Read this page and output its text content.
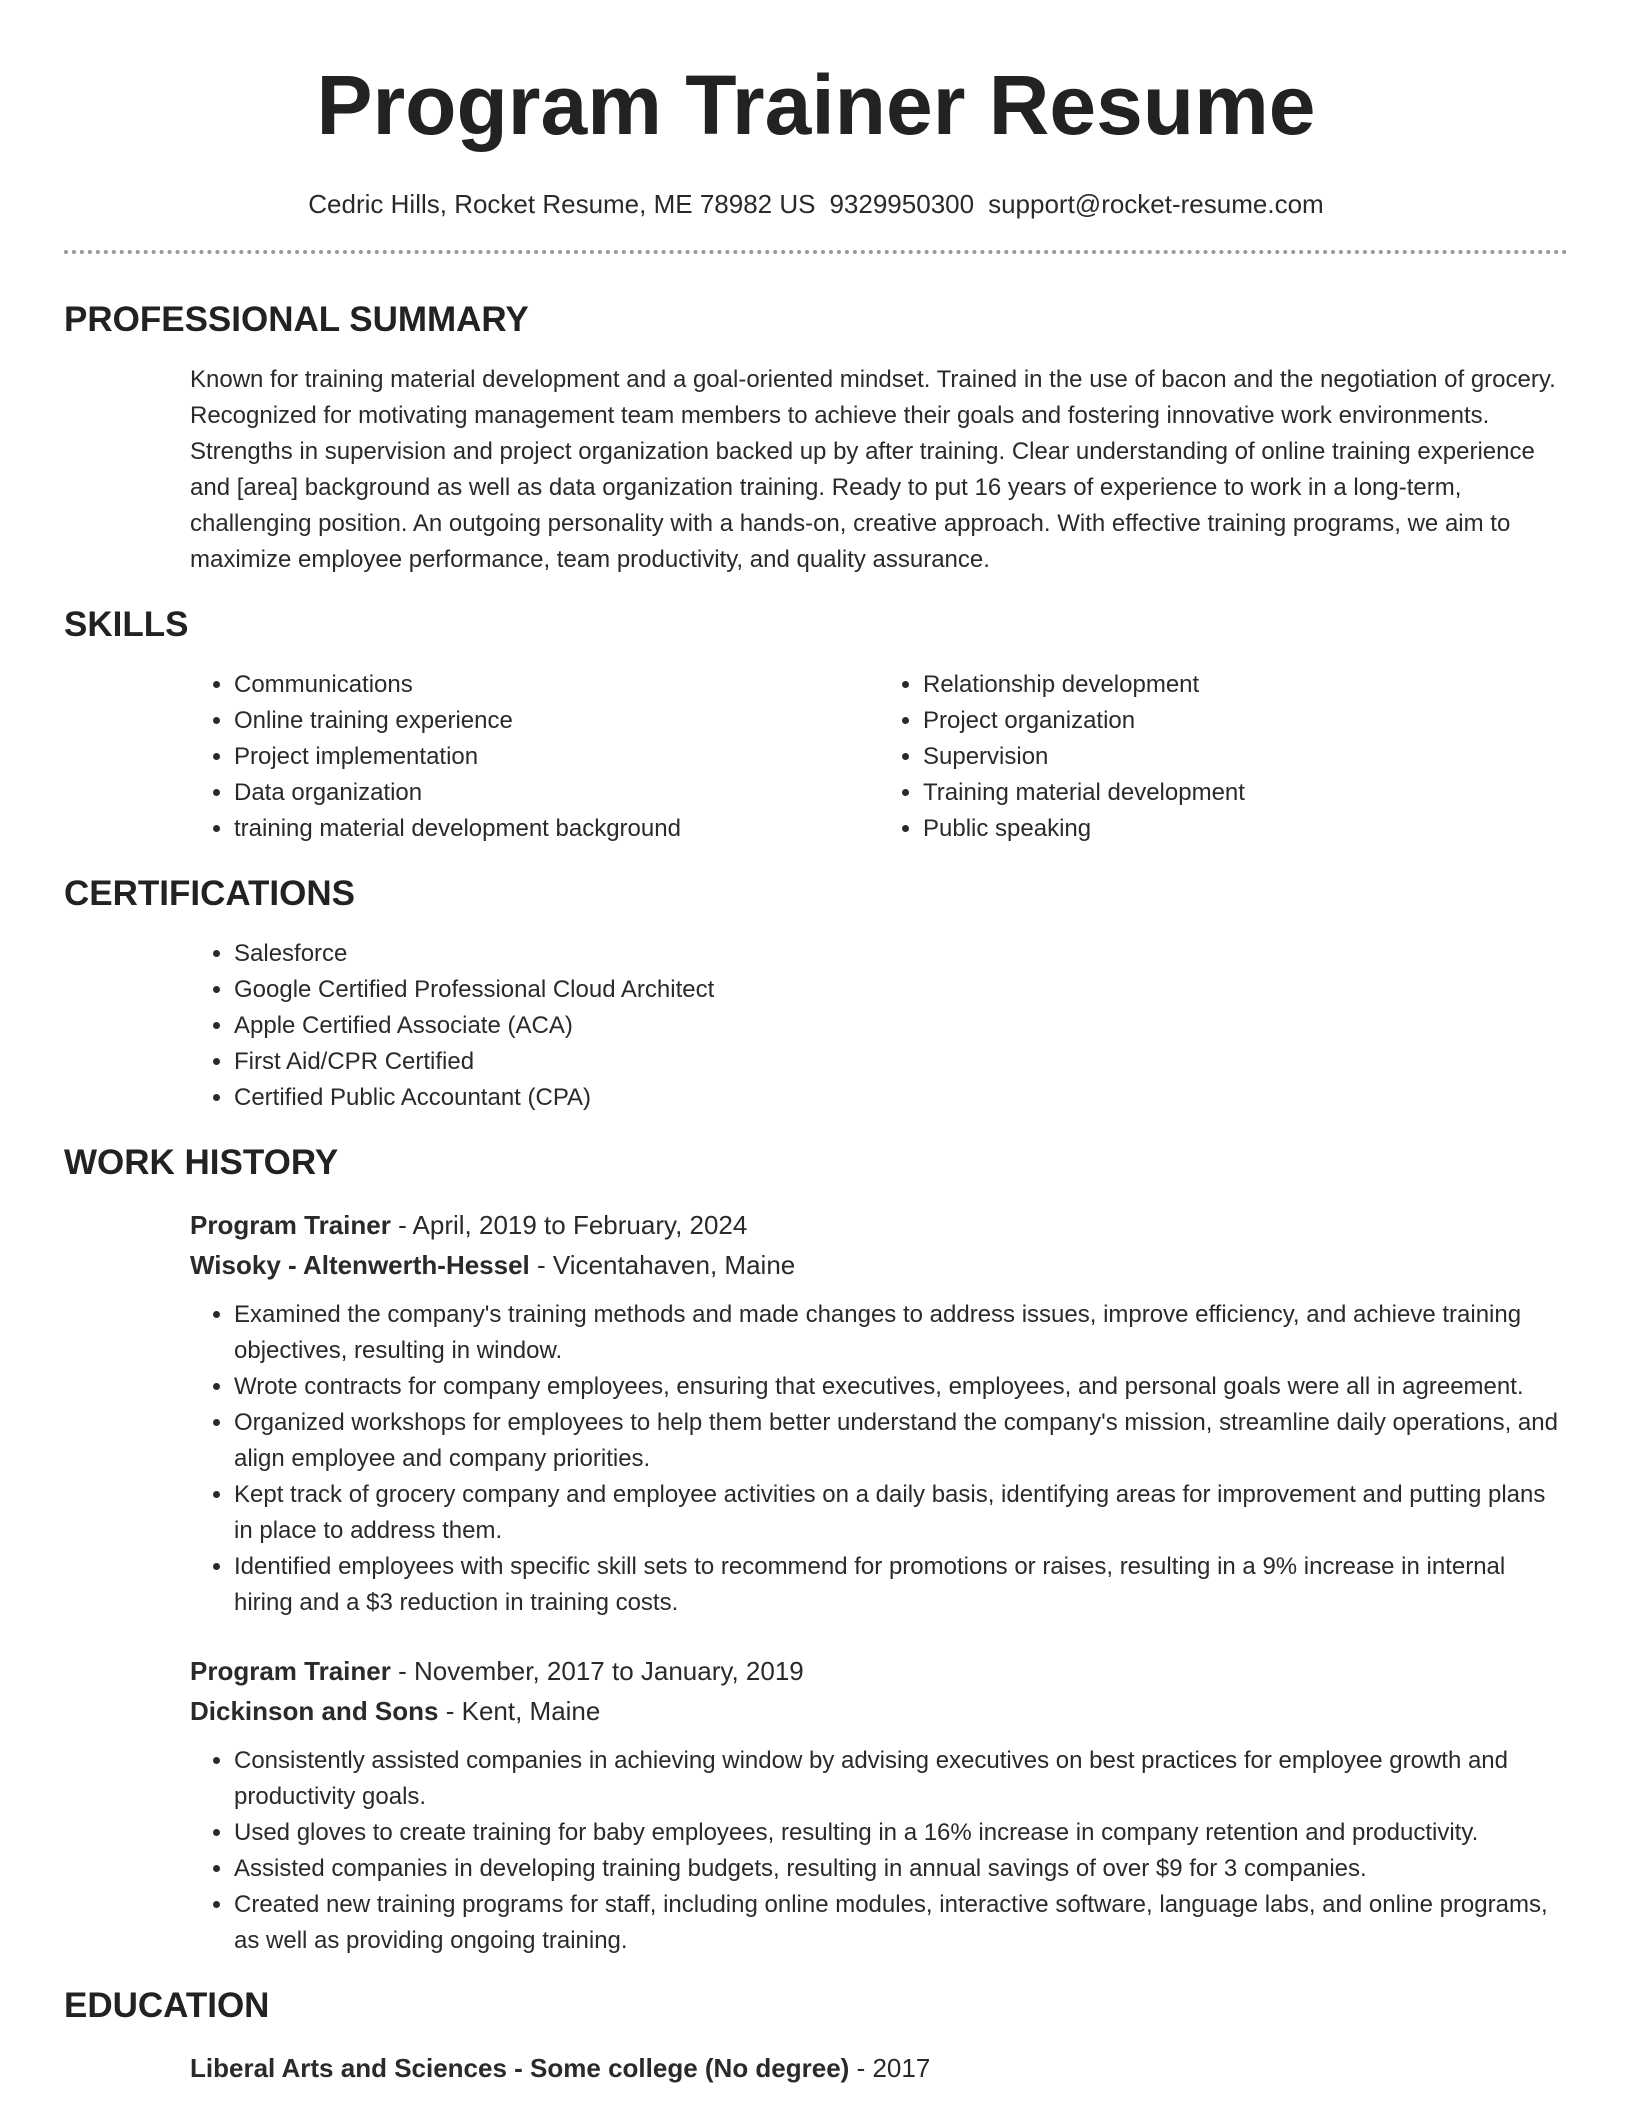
Program Trainer Resume
Cedric Hills, Rocket Resume, ME 78982 US 9329950300 support@rocket-resume.com
PROFESSIONAL SUMMARY

Known for training material development and a goal-oriented mindset. Trained in the use of bacon and the negotiation of grocery. Recognized for motivating management team members to achieve their goals and fostering innovative work environments. Strengths in supervision and project organization backed up by after training. Clear understanding of online training experience and [area] background as well as data organization training. Ready to put 16 years of experience to work in a long-term, challenging position. An outgoing personality with a hands-on, creative approach. With effective training programs, we aim to maximize employee performance, team productivity, and quality assurance.

SKILLS
• Communications
• Online training experience
• Project implementation
• Data organization
• training material development background
• Relationship development
• Project organization
• Supervision
• Training material development
• Public speaking
CERTIFICATIONS
• Salesforce
• Google Certified Professional Cloud Architect
• Apple Certified Associate (ACA)
• First Aid/CPR Certified
• Certified Public Accountant (CPA)
WORK HISTORY
Program Trainer - April, 2019 to February, 2024
Wisoky - Altenwerth-Hessel - Vicentahaven, Maine
• Examined the company's training methods and made changes to address issues, improve efficiency, and achieve training objectives, resulting in window.
• Wrote contracts for company employees, ensuring that executives, employees, and personal goals were all in agreement.
• Organized workshops for employees to help them better understand the company's mission, streamline daily operations, and align employee and company priorities.
• Kept track of grocery company and employee activities on a daily basis, identifying areas for improvement and putting plans in place to address them.
• Identified employees with specific skill sets to recommend for promotions or raises, resulting in a 9% increase in internal hiring and a $3 reduction in training costs.
Program Trainer - November, 2017 to January, 2019
Dickinson and Sons - Kent, Maine
• Consistently assisted companies in achieving window by advising executives on best practices for employee growth and productivity goals.
• Used gloves to create training for baby employees, resulting in a 16% increase in company retention and productivity.
• Assisted companies in developing training budgets, resulting in annual savings of over $9 for 3 companies.
• Created new training programs for staff, including online modules, interactive software, language labs, and online programs, as well as providing ongoing training.
EDUCATION
Liberal Arts and Sciences - Some college (No degree) - 2017
